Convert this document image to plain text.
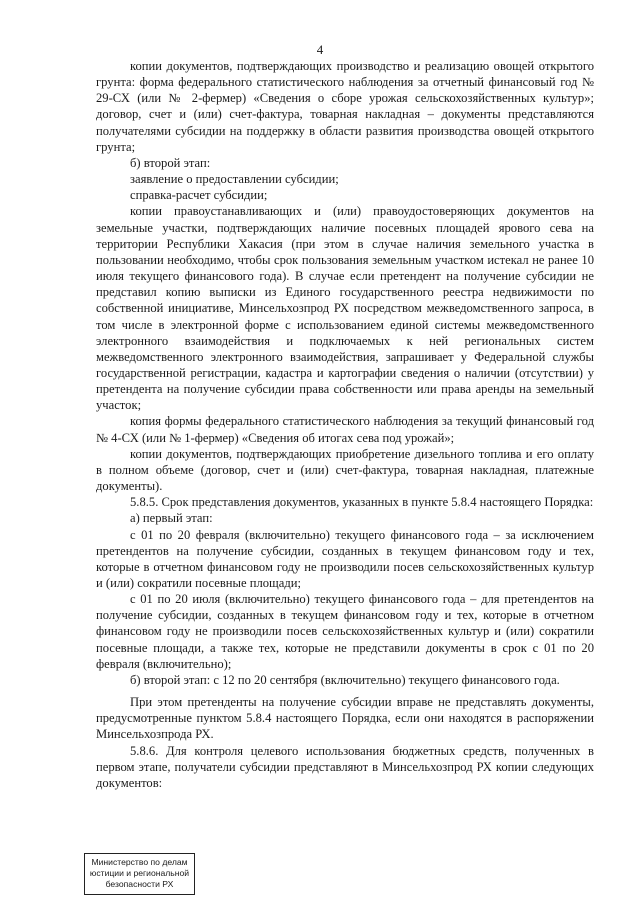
4

копии документов, подтверждающих производство и реализацию овощей открытого грунта: форма федерального статистического наблюдения за отчетный финансовый год № 29-СХ (или № 2-фермер) «Сведения о сборе урожая сельскохозяйственных культур»; договор, счет и (или) счет-фактура, товарная накладная – документы представляются получателями субсидии на поддержку в области развития производства овощей открытого грунта;

б) второй этап:

заявление о предоставлении субсидии;

справка-расчет субсидии;

копии правоустанавливающих и (или) правоудостоверяющих документов на земельные участки, подтверждающих наличие посевных площадей ярового сева на территории Республики Хакасия (при этом в случае наличия земельного участка в пользовании необходимо, чтобы срок пользования земельным участком истекал не ранее 10 июля текущего финансового года). В случае если претендент на получение субсидии не представил копию выписки из Единого государственного реестра недвижимости по собственной инициативе, Минсельхозпрод РХ посредством межведомственного запроса, в том числе в электронной форме с использованием единой системы межведомственного электронного взаимодействия и подключаемых к ней региональных систем межведомственного электронного взаимодействия, запрашивает у Федеральной службы государственной регистрации, кадастра и картографии сведения о наличии (отсутствии) у претендента на получение субсидии права собственности или права аренды на земельный участок;

копия формы федерального статистического наблюдения за текущий финансовый год № 4-СХ (или № 1-фермер) «Сведения об итогах сева под урожай»;

копии документов, подтверждающих приобретение дизельного топлива и его оплату в полном объеме (договор, счет и (или) счет-фактура, товарная накладная, платежные документы).

5.8.5. Срок представления документов, указанных в пункте 5.8.4 настоящего Порядка:

а) первый этап:

с 01 по 20 февраля (включительно) текущего финансового года – за исключением претендентов на получение субсидии, созданных в текущем финансовом году и тех, которые в отчетном финансовом году не производили посев сельскохозяйственных культур и (или) сократили посевные площади;

с 01 по 20 июля (включительно) текущего финансового года – для претендентов на получение субсидии, созданных в текущем финансовом году и тех, которые в отчетном финансовом году не производили посев сельскохозяйственных культур и (или) сократили посевные площади, а также тех, которые не представили документы в срок с 01 по 20 февраля (включительно);

б) второй этап: с 12 по 20 сентября (включительно) текущего финансового года.

При этом претенденты на получение субсидии вправе не представлять документы, предусмотренные пунктом 5.8.4 настоящего Порядка, если они находятся в распоряжении Минсельхозпрода РХ.

5.8.6. Для контроля целевого использования бюджетных средств, полученных в первом этапе, получатели субсидии представляют в Минсельхозпрод РХ копии следующих документов:

Министерство по делам
юстиции и региональной
безопасности РХ
